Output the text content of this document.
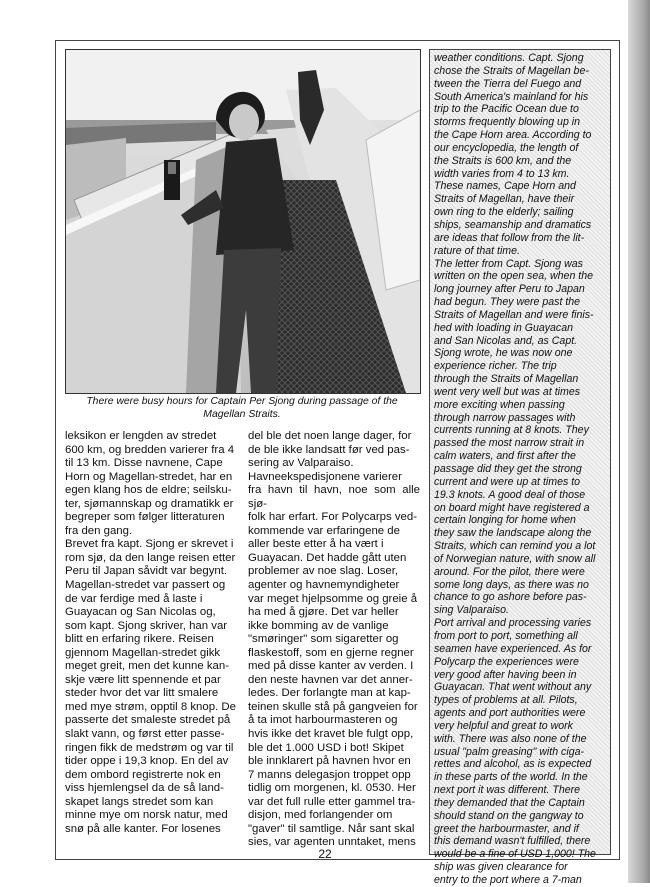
There were busy hours for Captain Per Sjong during passage of the Magellan Straits.

leksikon er lengden av stredet
600 km, og bredden varierer fra 4
til 13 km. Disse navnene, Cape
Horn og Magellan-stredet, har en
egen klang hos de eldre; seilsku-
ter, sjømannskap og dramatikk er
begreper som følger litteraturen
fra den gang.
Brevet fra kapt. Sjong er skrevet i
rom sjø, da den lange reisen etter
Peru til Japan såvidt var begynt.
Magellan-stredet var passert og
de var ferdige med å laste i
Guayacan og San Nicolas og,
som kapt. Sjong skriver, han var
blitt en erfaring rikere. Reisen
gjennom Magellan-stredet gikk
meget greit, men det kunne kan-
skje være litt spennende et par
steder hvor det var litt smalere
med mye strøm, opptil 8 knop. De
passerte det smaleste stredet på
slakt vann, og først etter passe-
ringen fikk de medstrøm og var til
tider oppe i 19,3 knop. En del av
dem ombord registrerte nok en
viss hjemlengsel da de så land-
skapet langs stredet som kan
minne mye om norsk natur, med
snø på alle kanter. For losenes

del ble det noen lange dager, for
de ble ikke landsatt før ved pas-
sering av Valparaiso.
Havneekspedisjonene varierer
fra havn til havn, noe som alle sjø-
folk har erfart. For Polycarps ved-
kommende var erfaringene de
aller beste etter å ha vært i
Guayacan. Det hadde gått uten
problemer av noe slag. Loser,
agenter og havnemyndigheter
var meget hjelpsomme og greie å
ha med å gjøre. Det var heller
ikke bomming av de vanlige
"smøringer" som sigaretter og
flaskestoff, som en gjerne regner
med på disse kanter av verden. I
den neste havnen var det anner-
ledes. Der forlangte man at kap-
teinen skulle stå på gangveien for
å ta imot harbourmasteren og
hvis ikke det kravet ble fulgt opp,
ble det 1.000 USD i bot! Skipet
ble innklarert på havnen hvor en
7 manns delegasjon troppet opp
tidlig om morgenen, kl. 0530. Her
var det full rulle etter gammel tra-
disjon, med forlangender om
"gaver" til samtlige. Når sant skal
sies, var agenten unntaket, mens

weather conditions. Capt. Sjong
chose the Straits of Magellan be-
tween the Tierra del Fuego and
South America's mainland for his
trip to the Pacific Ocean due to
storms frequently blowing up in
the Cape Horn area. According to
our encyclopedia, the length of
the Straits is 600 km, and the
width varies from 4 to 13 km.
These names, Cape Horn and
Straits of Magellan, have their
own ring to the elderly; sailing
ships, seamanship and dramatics
are ideas that follow from the lit-
rature of that time.
The letter from Capt. Sjong was
written on the open sea, when the
long journey after Peru to Japan
had begun. They were past the
Straits of Magellan and were finis-
hed with loading in Guayacan
and San Nicolas and, as Capt.
Sjong wrote, he was now one
experience richer. The trip
through the Straits of Magellan
went very well but was at times
more exciting when passing
through narrow passages with
currents running at 8 knots. They
passed the most narrow strait in
calm waters, and first after the
passage did they get the strong
current and were up at times to
19.3 knots. A good deal of those
on board might have registered a
certain longing for home when
they saw the landscape along the
Straits, which can remind you a lot
of Norwegian nature, with snow all
around. For the pilot, there were
some long days, as there was no
chance to go ashore before pas-
sing Valparaiso.
Port arrival and processing varies
from port to port, something all
seamen have experienced. As for
Polycarp the experiences were
very good after having been in
Guayacan. That went without any
types of problems at all. Pilots,
agents and port authorities were
very helpful and great to work
with. There was also none of the
usual "palm greasing" with ciga-
rettes and alcohol, as is expected
in these parts of the world. In the
next port it was different. There
they demanded that the Captain
should stand on the gangway to
greet the harbourmaster, and if
this demand wasn't fulfilled, there
would be a fine of USD 1,000! The
ship was given clearance for
entry to the port where a 7-man

22
